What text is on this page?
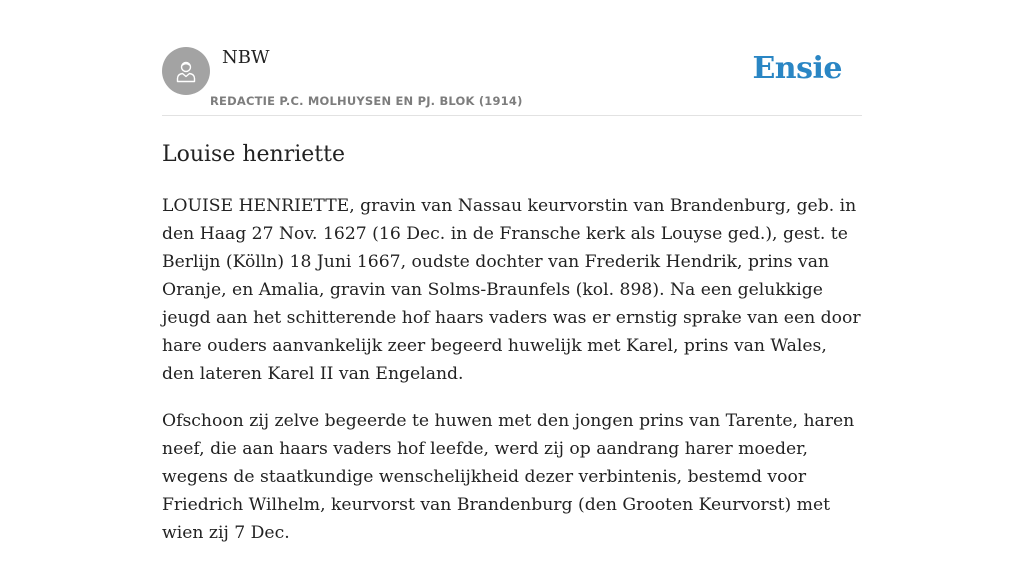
NBW
REDACTIE P.C. MOLHUYSEN EN PJ. BLOK (1914)
Ensie
Louise henriette

LOUISE HENRIETTE, gravin van Nassau keurvorstin van Brandenburg, geb. in den Haag 27 Nov. 1627 (16 Dec. in de Fransche kerk als Louyse ged.), gest. te Berlijn (Kölln) 18 Juni 1667, oudste dochter van Frederik Hendrik, prins van Oranje, en Amalia, gravin van Solms-Braunfels (kol. 898). Na een gelukkige jeugd aan het schitterende hof haars vaders was er ernstig sprake van een door hare ouders aanvankelijk zeer begeerd huwelijk met Karel, prins van Wales, den lateren Karel II van Engeland.

Ofschoon zij zelve begeerde te huwen met den jongen prins van Tarente, haren neef, die aan haars vaders hof leefde, werd zij op aandrang harer moeder, wegens de staatkundige wenschelijkheid dezer verbintenis, bestemd voor Friedrich Wilhelm, keurvorst van Brandenburg (den Grooten Keurvorst) met wien zij 7 Dec.
